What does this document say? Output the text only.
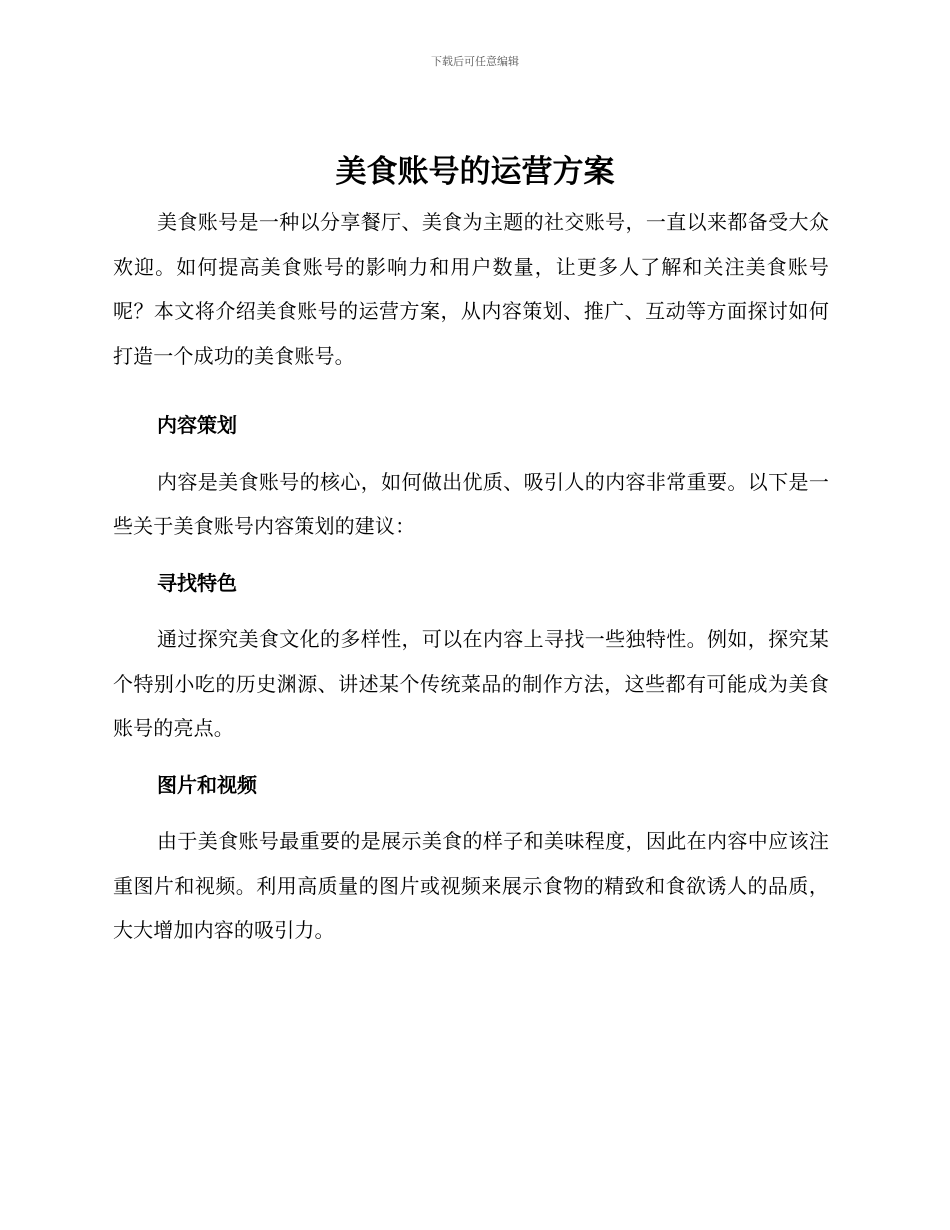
下载后可任意编辑
美食账号的运营方案

美食账号是一种以分享餐厅、美食为主题的社交账号，一直以来都备受大众欢迎。如何提高美食账号的影响力和用户数量，让更多人了解和关注美食账号呢？本文将介绍美食账号的运营方案，从内容策划、推广、互动等方面探讨如何打造一个成功的美食账号。

内容策划

内容是美食账号的核心，如何做出优质、吸引人的内容非常重要。以下是一些关于美食账号内容策划的建议：

寻找特色

通过探究美食文化的多样性，可以在内容上寻找一些独特性。例如，探究某个特别小吃的历史渊源、讲述某个传统菜品的制作方法，这些都有可能成为美食账号的亮点。

图片和视频

由于美食账号最重要的是展示美食的样子和美味程度，因此在内容中应该注重图片和视频。利用高质量的图片或视频来展示食物的精致和食欲诱人的品质，大大增加内容的吸引力。
